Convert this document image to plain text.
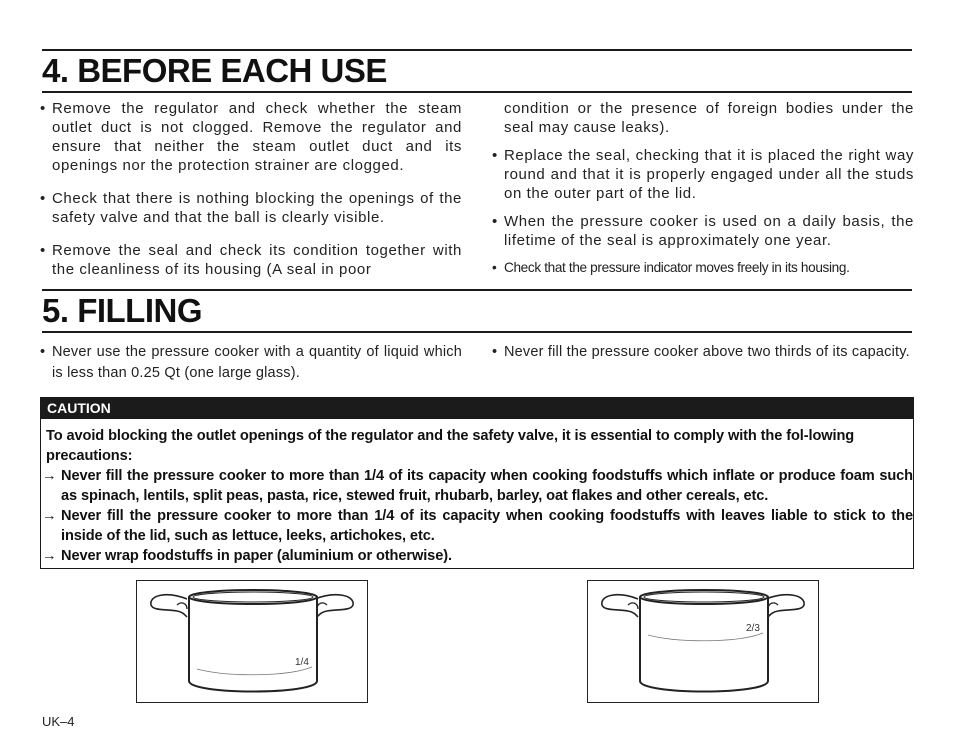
4. BEFORE EACH USE

• Remove the regulator and check whether the steam outlet duct is not clogged. Remove the regulator and ensure that neither the steam outlet duct and its openings nor the protection strainer are clogged.

• Check that there is nothing blocking the openings of the safety valve and that the ball is clearly visible.

• Remove the seal and check its condition together with the cleanliness of its housing (A seal in poor

condition or the presence of foreign bodies under the seal may cause leaks).

• Replace the seal, checking that it is placed the right way round and that it is properly engaged under all the studs on the outer part of the lid.

• When the pressure cooker is used on a daily basis, the lifetime of the seal is approximately one year.

• Check that the pressure indicator moves freely in its housing.

5. FILLING

• Never use the pressure cooker with a quantity of liquid which is less than 0.25 Qt (one large glass).

• Never fill the pressure cooker above two thirds of its capacity.

CAUTION

To avoid blocking the outlet openings of the regulator and the safety valve, it is essential to comply with the fol-lowing precautions:

→ Never fill the pressure cooker to more than 1/4 of its capacity when cooking foodstuffs which inflate or produce foam such as spinach, lentils, split peas, pasta, rice, stewed fruit, rhubarb, barley, oat flakes and other cereals, etc.

→ Never fill the pressure cooker to more than 1/4 of its capacity when cooking foodstuffs with leaves liable to stick to the inside of the lid, such as lettuce, leeks, artichokes, etc.

→ Never wrap foodstuffs in paper (aluminium or otherwise).

1/4
2/3
UK–4
